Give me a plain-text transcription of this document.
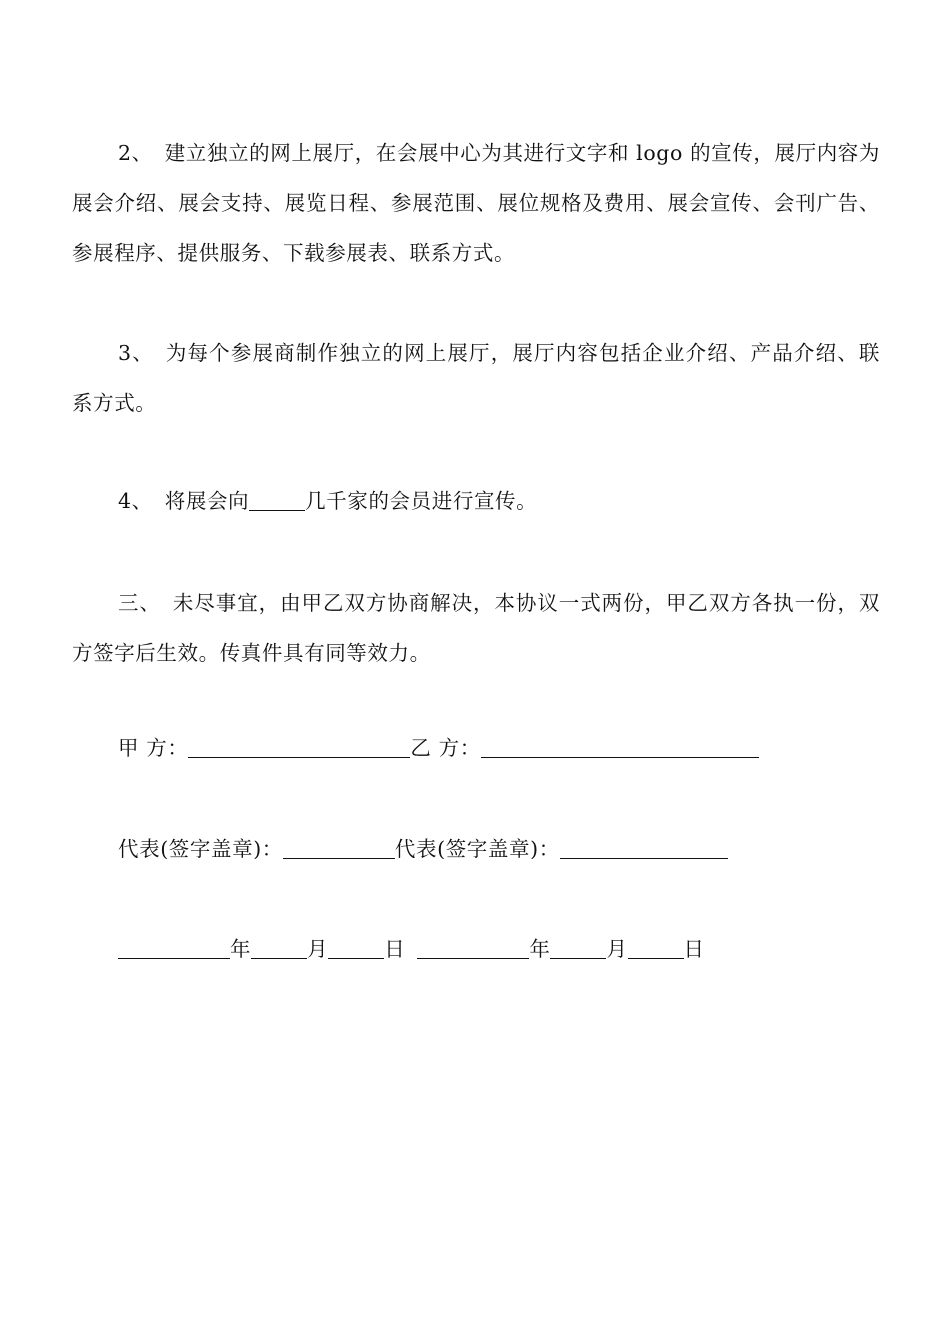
2、 建立独立的网上展厅，在会展中心为其进行文字和 logo 的宣传，展厅内容为展会介绍、展会支持、展览日程、参展范围、展位规格及费用、展会宣传、会刊广告、参展程序、提供服务、下载参展表、联系方式。

3、 为每个参展商制作独立的网上展厅，展厅内容包括企业介绍、产品介绍、联系方式。

4、 将展会向	几千家的会员进行宣传。

三、 未尽事宜，由甲乙双方协商解决，本协议一式两份，甲乙双方各执一份，双方签字后生效。传真件具有同等效力。

甲 方：	乙 方：
代表(签字盖章)：	代表(签字盖章)：
年	月	日	年	月	日
